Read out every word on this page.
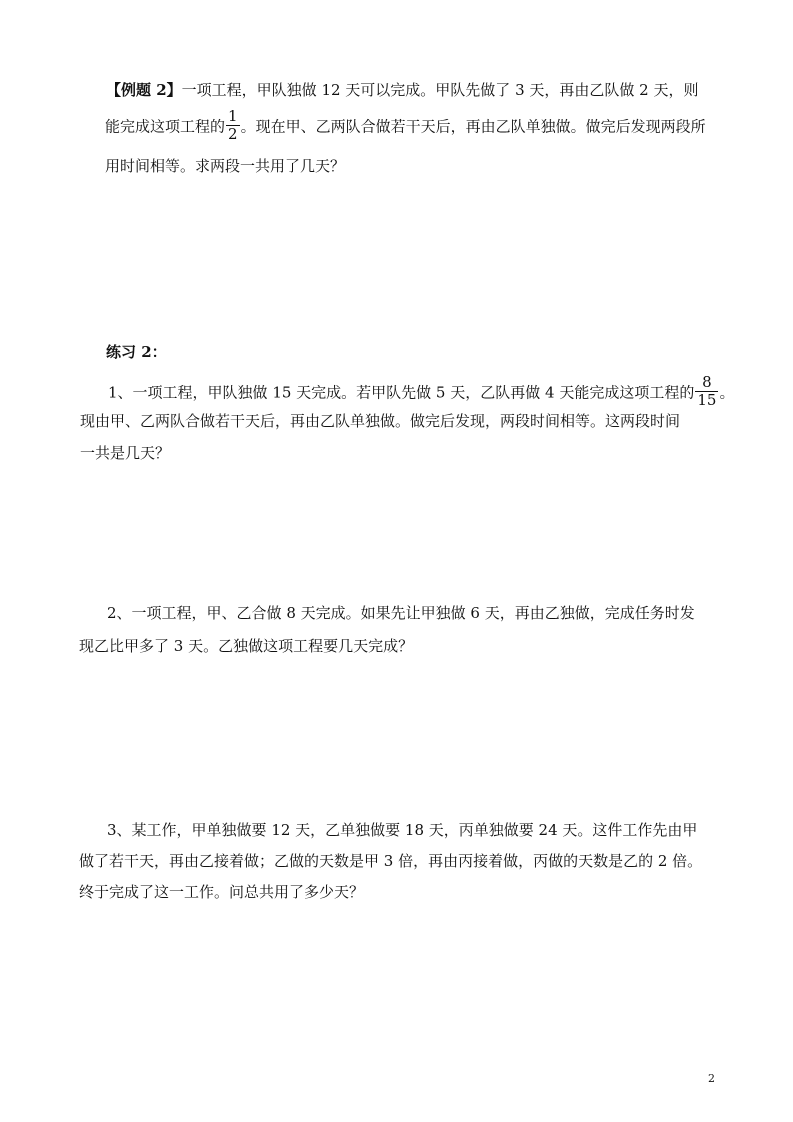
【例题 2】一项工程，甲队独做 12 天可以完成。甲队先做了 3 天，再由乙队做 2 天，则
能完成这项工程的 $\frac{1}{2}$ 。现在甲、乙两队合做若干天后，再由乙队单独做。做完后发现两段所
用时间相等。求两段一共用了几天？
练习 2：
1、一项工程，甲队独做 15 天完成。若甲队先做 5 天，乙队再做 4 天能完成这项工程的 $\frac{8}{15}$ 。
现由甲、乙两队合做若干天后，再由乙队单独做。做完后发现，两段时间相等。这两段时间
一共是几天？
2、一项工程，甲、乙合做 8 天完成。如果先让甲独做 6 天，再由乙独做，完成任务时发
现乙比甲多了 3 天。乙独做这项工程要几天完成？
3、某工作，甲单独做要 12 天，乙单独做要 18 天，丙单独做要 24 天。这件工作先由甲
做了若干天，再由乙接着做；乙做的天数是甲 3 倍，再由丙接着做，丙做的天数是乙的 2 倍。
终于完成了这一工作。问总共用了多少天？
2
